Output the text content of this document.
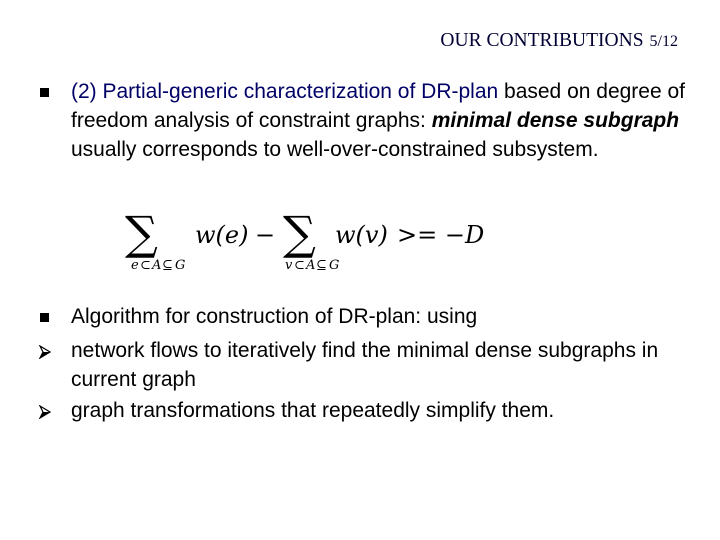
OUR CONTRIBUTIONS 5/12
(2) Partial-generic characterization of DR-plan based on degree of freedom analysis of constraint graphs: minimal dense subgraph usually corresponds to well-over-constrained subsystem.
∑
e ⊂ A ⊆ G
w(e) − ∑
v ⊂ A ⊆ G
w(v) >= −D
Algorithm for construction of DR-plan: using
network flows to iteratively find the minimal dense subgraphs in current graph
graph transformations that repeatedly simplify them.
